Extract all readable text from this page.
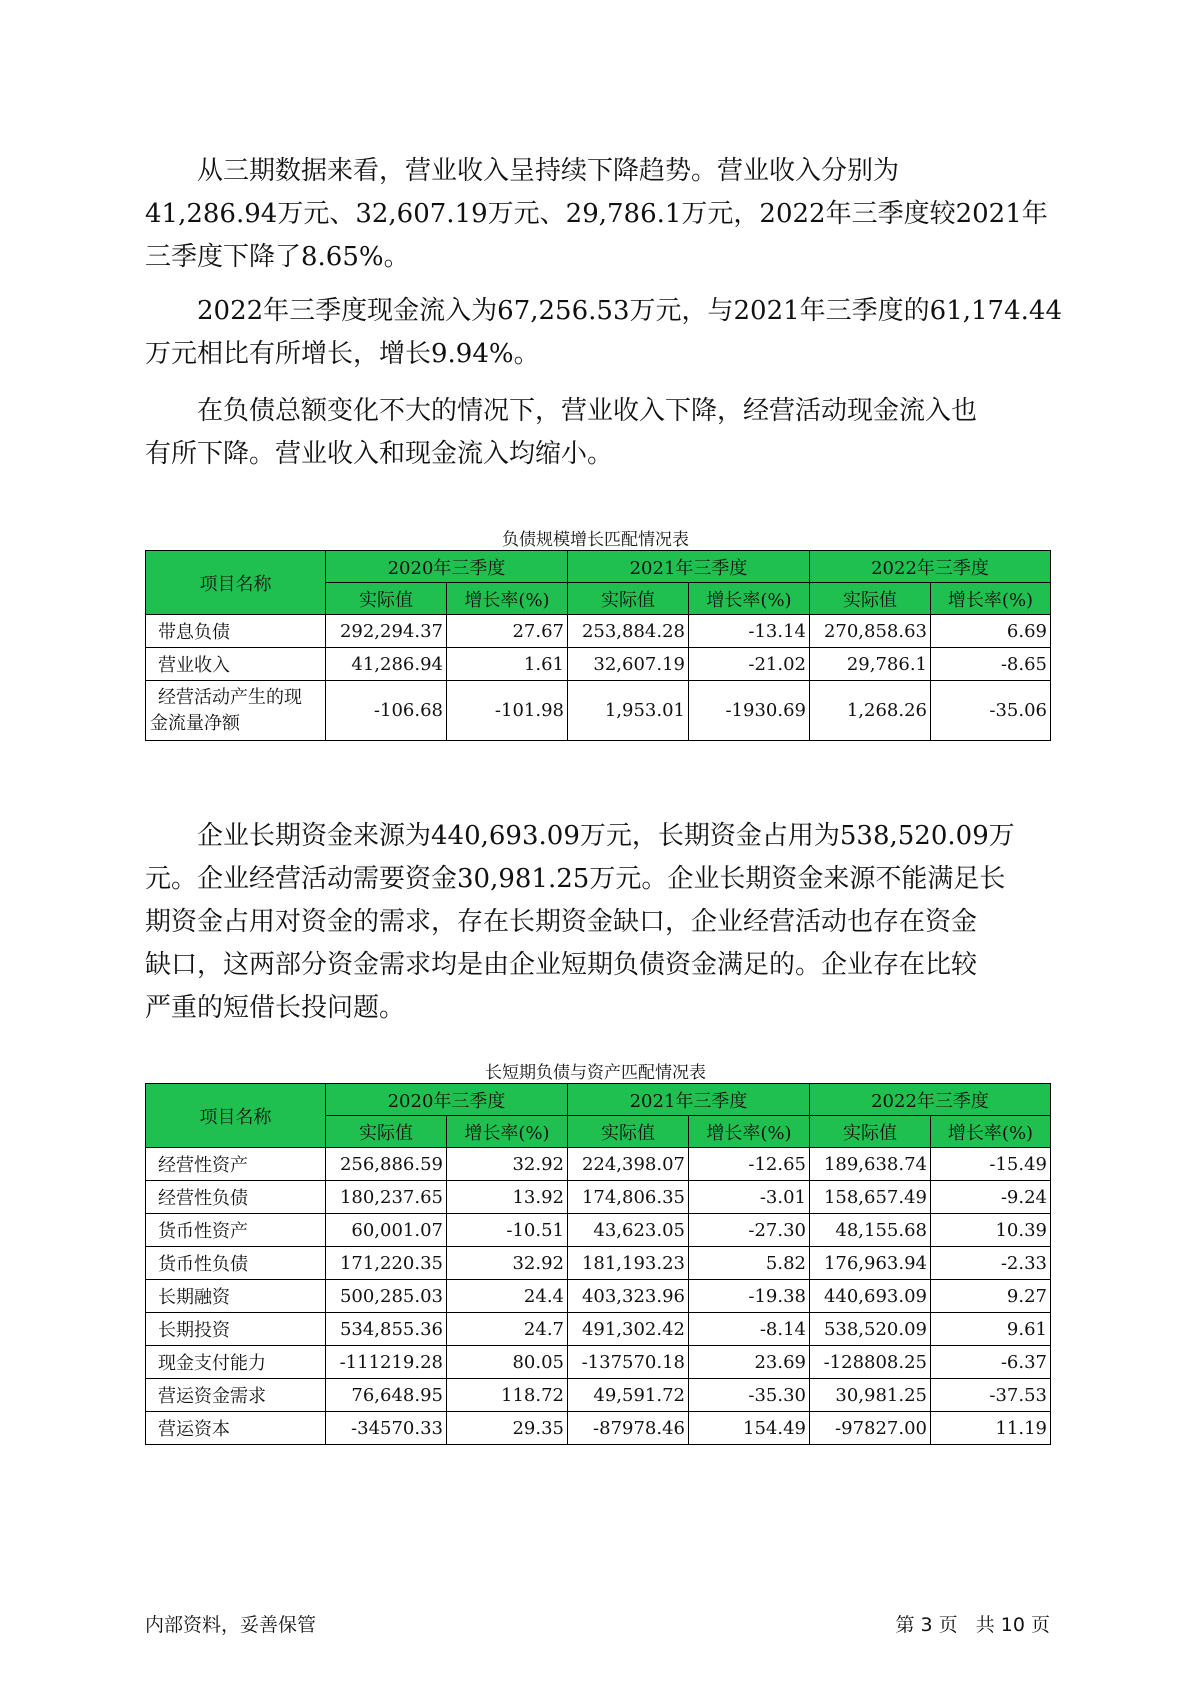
从三期数据来看，营业收入呈持续下降趋势。营业收入分别为
41,286.94万元、32,607.19万元、29,786.1万元，2022年三季度较2021年
三季度下降了8.65%。

2022年三季度现金流入为67,256.53万元，与2021年三季度的61,174.44
万元相比有所增长，增长9.94%。

在负债总额变化不大的情况下，营业收入下降，经营活动现金流入也
有所下降。营业收入和现金流入均缩小。

负债规模增长匹配情况表
项目名称	2020年三季度		2021年三季度		2022年三季度	
	实际值	增长率(%)	实际值	增长率(%)	实际值	增长率(%)
带息负债	292,294.37	27.67	253,884.28	-13.14	270,858.63	6.69
营业收入	41,286.94	1.61	32,607.19	-21.02	29,786.1	-8.65

经营活动产生的现
金流量净额	-106.68	-101.98	1,953.01	-1930.69	1,268.26	-35.06

企业长期资金来源为440,693.09万元，长期资金占用为538,520.09万
元。企业经营活动需要资金30,981.25万元。企业长期资金来源不能满足长
期资金占用对资金的需求，存在长期资金缺口，企业经营活动也存在资金
缺口，这两部分资金需求均是由企业短期负债资金满足的。企业存在比较
严重的短借长投问题。

长短期负债与资产匹配情况表
项目名称	2020年三季度		2021年三季度		2022年三季度	
	实际值	增长率(%)	实际值	增长率(%)	实际值	增长率(%)
经营性资产	256,886.59	32.92	224,398.07	-12.65	189,638.74	-15.49
经营性负债	180,237.65	13.92	174,806.35	-3.01	158,657.49	-9.24
货币性资产	60,001.07	-10.51	43,623.05	-27.30	48,155.68	10.39
货币性负债	171,220.35	32.92	181,193.23	5.82	176,963.94	-2.33
长期融资	500,285.03	24.4	403,323.96	-19.38	440,693.09	9.27
长期投资	534,855.36	24.7	491,302.42	-8.14	538,520.09	9.61
现金支付能力	-111219.28	80.05	-137570.18	23.69	-128808.25	-6.37
营运资金需求	76,648.95	118.72	49,591.72	-35.30	30,981.25	-37.53
营运资本	-34570.33	29.35	-87978.46	154.49	-97827.00	11.19
内部资料，妥善保管	第 3 页   共 10 页
